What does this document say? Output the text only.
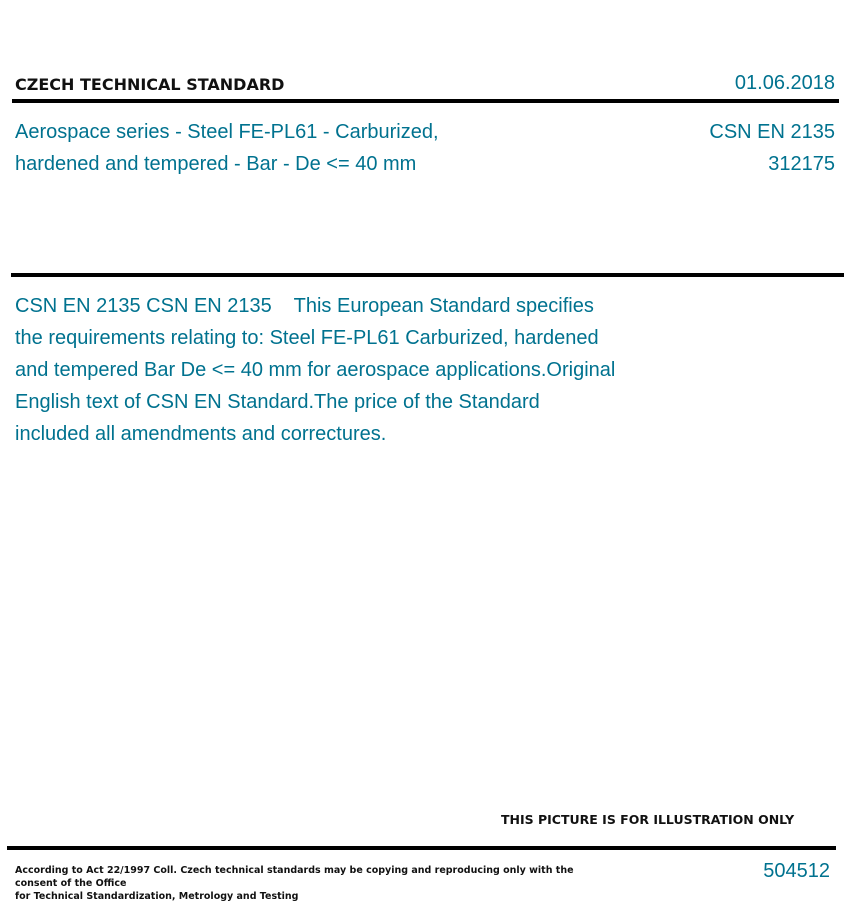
CZECH TECHNICAL STANDARD	01.06.2018
Aerospace series - Steel FE-PL61 - Carburized,
hardened and tempered - Bar - De <= 40 mm
CSN EN 2135
312175
CSN EN 2135 CSN EN 2135    This European Standard specifies
the requirements relating to: Steel FE-PL61 Carburized, hardened
and tempered Bar De <= 40 mm for aerospace applications.Original
English text of CSN EN Standard.The price of the Standard
included all amendments and correctures.
THIS PICTURE IS FOR ILLUSTRATION ONLY
According to Act 22/1997 Coll. Czech technical standards may be copying and reproducing only with the consent of the Office
for Technical Standardization, Metrology and Testing
504512
